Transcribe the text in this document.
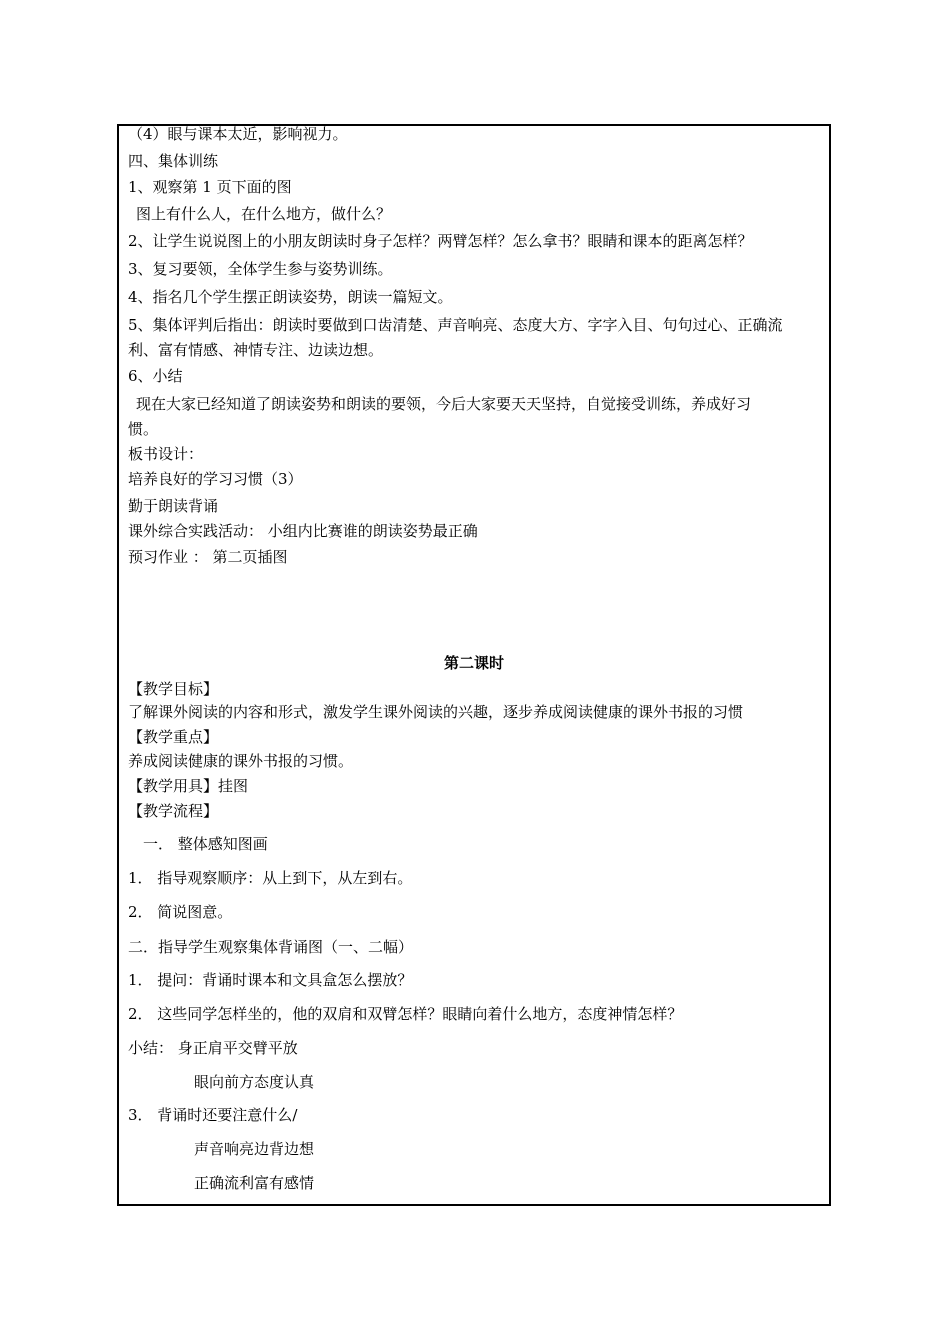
（4）眼与课本太近，影响视力。
四、集体训练
1、观察第 1 页下面的图
图上有什么人，在什么地方，做什么？
2、让学生说说图上的小朋友朗读时身子怎样？两臂怎样？怎么拿书？眼睛和课本的距离怎样？
3、复习要领，全体学生参与姿势训练。
4、指名几个学生摆正朗读姿势，朗读一篇短文。
5、集体评判后指出：朗读时要做到口齿清楚、声音响亮、态度大方、字字入目、句句过心、正确流
利、富有情感、神情专注、边读边想。
6、小结
现在大家已经知道了朗读姿势和朗读的要领，今后大家要天天坚持，自觉接受训练，养成好习
惯。
板书设计：
培养良好的学习习惯（3）
勤于朗读背诵
课外综合实践活动： 小组内比赛谁的朗读姿势最正确
预习作业 ： 第二页插图
第二课时
【教学目标】
了解课外阅读的内容和形式，激发学生课外阅读的兴趣，逐步养成阅读健康的课外书报的习惯
【教学重点】
养成阅读健康的课外书报的习惯。
【教学用具】挂图
【教学流程】
一． 整体感知图画
1． 指导观察顺序：从上到下，从左到右。
2． 简说图意。
二．指导学生观察集体背诵图（一、二幅）
1． 提问：背诵时课本和文具盒怎么摆放？
2． 这些同学怎样坐的，他的双肩和双臂怎样？眼睛向着什么地方，态度神情怎样？
小结： 身正肩平交臂平放
眼向前方态度认真
3． 背诵时还要注意什么/
声音响亮边背边想
正确流利富有感情
